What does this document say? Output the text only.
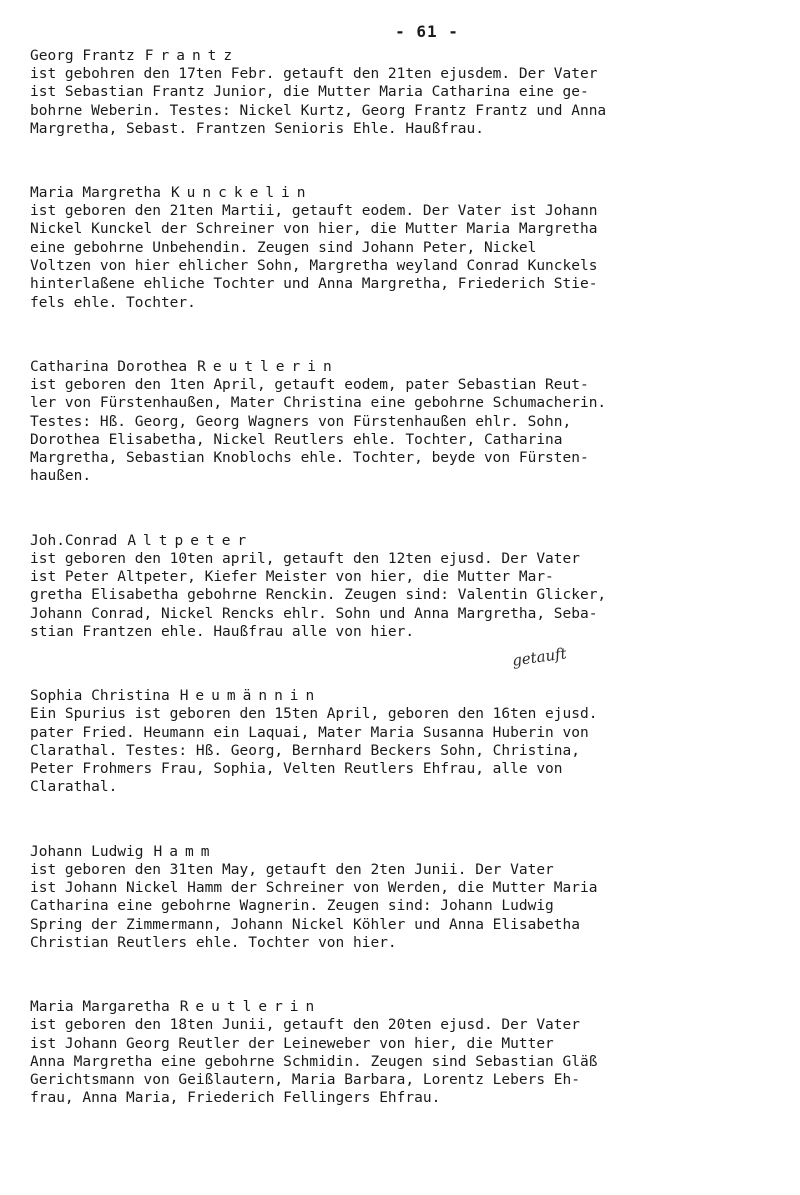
- 61 -
Georg Frantz Frantz
ist gebohren den 17ten Febr. getauft den 21ten ejusdem. Der Vater
ist Sebastian Frantz Junior, die Mutter Maria Catharina eine ge-
bohrne Weberin. Testes: Nickel Kurtz, Georg Frantz Frantz und Anna
Margretha, Sebast. Frantzen Senioris Ehle. Haußfrau.
Maria Margretha Kunckelin
ist geboren den 21ten Martii, getauft eodem. Der Vater ist Johann
Nickel Kunckel der Schreiner von hier, die Mutter Maria Margretha
eine gebohrne Unbehendin. Zeugen sind Johann Peter, Nickel
Voltzen von hier ehlicher Sohn, Margretha weyland Conrad Kunckels
hinterlaßene ehliche Tochter und Anna Margretha, Friederich Stie-
fels ehle. Tochter.
Catharina Dorothea Reutlerin
ist geboren den 1ten April, getauft eodem, pater Sebastian Reut-
ler von Fürstenhaußen, Mater Christina eine gebohrne Schumacherin.
Testes: Hß. Georg, Georg Wagners von Fürstenhaußen ehlr. Sohn,
Dorothea Elisabetha, Nickel Reutlers ehle. Tochter, Catharina
Margretha, Sebastian Knoblochs ehle. Tochter, beyde von Fürsten-
haußen.
Joh.Conrad Altpeter
ist geboren den 10ten april, getauft den 12ten ejusd. Der Vater
ist Peter Altpeter, Kiefer Meister von hier, die Mutter Mar-
gretha Elisabetha gebohrne Renckin. Zeugen sind: Valentin Glicker,
Johann Conrad, Nickel Rencks ehlr. Sohn und Anna Margretha, Seba-
stian Frantzen ehle. Haußfrau alle von hier.
Sophia Christina Heumännin
Ein Spurius ist geboren den 15ten April, geboren den 16ten ejusd.
pater Fried. Heumann ein Laquai, Mater Maria Susanna Huberin von
Clarathal. Testes: Hß. Georg, Bernhard Beckers Sohn, Christina,
Peter Frohmers Frau, Sophia, Velten Reutlers Ehfrau, alle von
Clarathal.
Johann Ludwig Hamm
ist geboren den 31ten May, getauft den 2ten Junii. Der Vater
ist Johann Nickel Hamm der Schreiner von Werden, die Mutter Maria
Catharina eine gebohrne Wagnerin. Zeugen sind: Johann Ludwig
Spring der Zimmermann, Johann Nickel Köhler und Anna Elisabetha
Christian Reutlers ehle. Tochter von hier.
Maria Margaretha Reutlerin
ist geboren den 18ten Junii, getauft den 20ten ejusd. Der Vater
ist Johann Georg Reutler der Leineweber von hier, die Mutter
Anna Margretha eine gebohrne Schmidin. Zeugen sind Sebastian Gläß
Gerichtsmann von Geißlautern, Maria Barbara, Lorentz Lebers Eh-
frau, Anna Maria, Friederich Fellingers Ehfrau.
getauft
